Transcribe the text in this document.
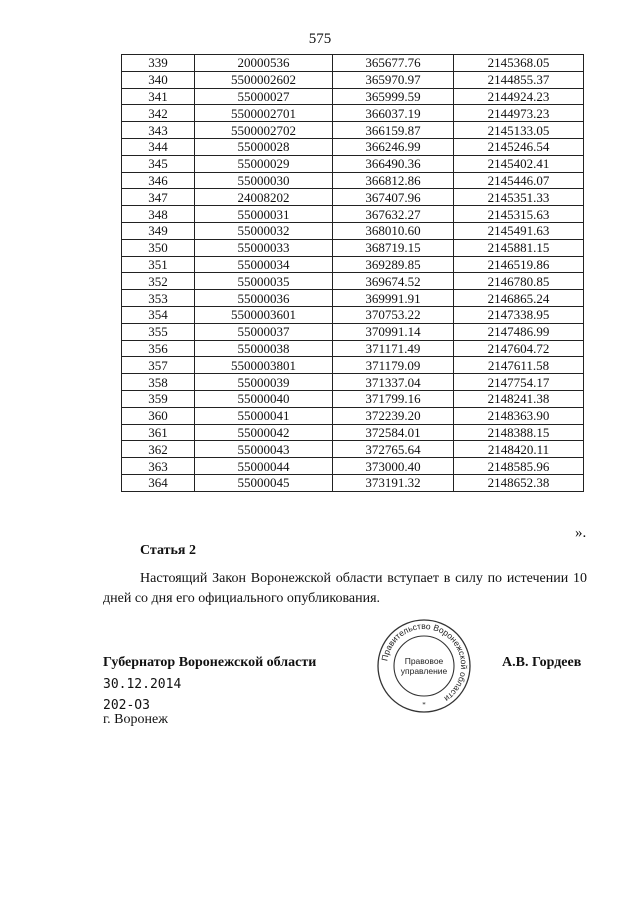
575
339	20000536	365677.76	2145368.05
340	5500002602	365970.97	2144855.37
341	55000027	365999.59	2144924.23
342	5500002701	366037.19	2144973.23
343	5500002702	366159.87	2145133.05
344	55000028	366246.99	2145246.54
345	55000029	366490.36	2145402.41
346	55000030	366812.86	2145446.07
347	24008202	367407.96	2145351.33
348	55000031	367632.27	2145315.63
349	55000032	368010.60	2145491.63
350	55000033	368719.15	2145881.15
351	55000034	369289.85	2146519.86
352	55000035	369674.52	2146780.85
353	55000036	369991.91	2146865.24
354	5500003601	370753.22	2147338.95
355	55000037	370991.14	2147486.99
356	55000038	371171.49	2147604.72
357	5500003801	371179.09	2147611.58
358	55000039	371337.04	2147754.17
359	55000040	371799.16	2148241.38
360	55000041	372239.20	2148363.90
361	55000042	372584.01	2148388.15
362	55000043	372765.64	2148420.11
363	55000044	373000.40	2148585.96
364	55000045	373191.32	2148652.38
».
Статья 2
Настоящий Закон Воронежской области вступает в силу по истечении 10 дней со дня его официального опубликования.
Губернатор Воронежской области	А.В. Гордеев
30.12.2014
202-ОЗ
г. Воронеж
Правительство Воронежской области
Правовое
управление
*
